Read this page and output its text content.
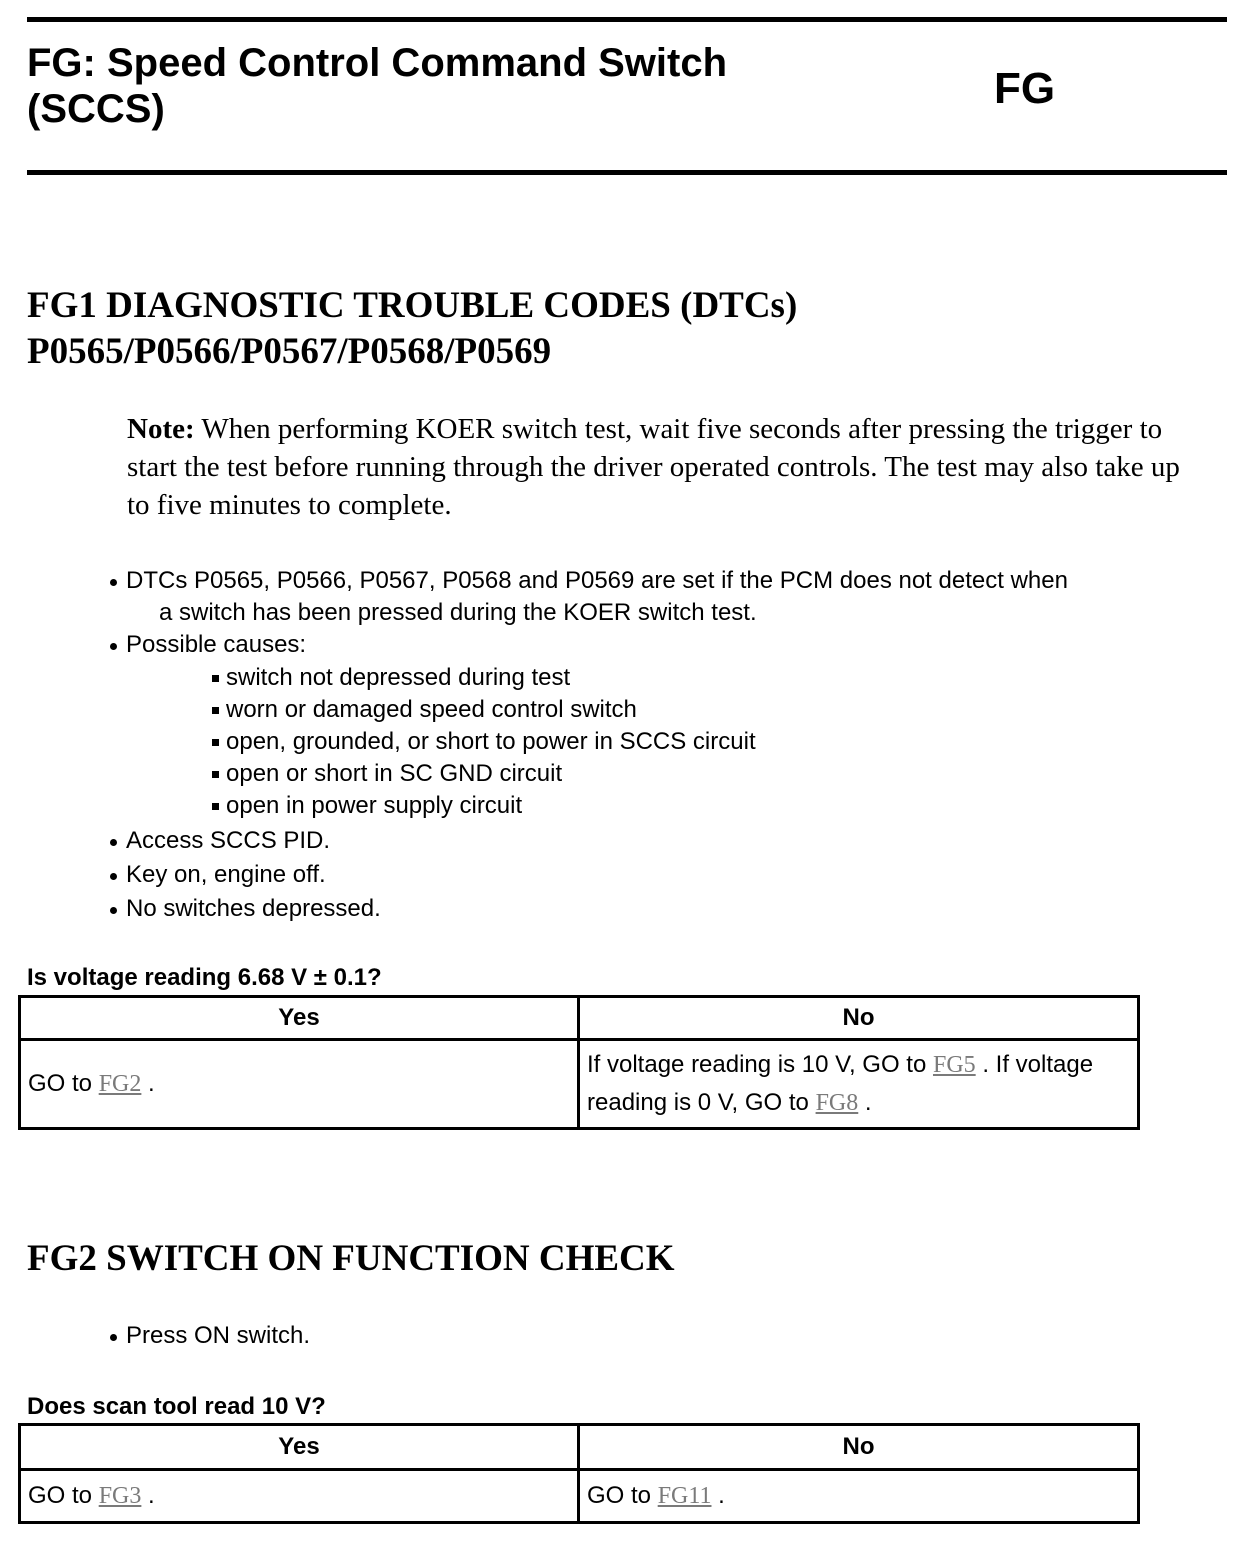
FG: Speed Control Command Switch
(SCCS)	FG
FG1 DIAGNOSTIC TROUBLE CODES (DTCs)
P0565/P0566/P0567/P0568/P0569

Note: When performing KOER switch test, wait five seconds after pressing the trigger to start the test before running through the driver operated controls. The test may also take up to five minutes to complete.

DTCs P0565, P0566, P0567, P0568 and P0569 are set if the PCM does not detect when
a switch has been pressed during the KOER switch test.
Possible causes:
switch not depressed during test
worn or damaged speed control switch
open, grounded, or short to power in SCCS circuit
open or short in SC GND circuit
open in power supply circuit
Access SCCS PID.
Key on, engine off.
No switches depressed.

Is voltage reading 6.68 V ± 0.1?

Yes	No
GO to FG2 .	If voltage reading is 10 V, GO to FG5 . If voltage reading is 0 V, GO to FG8 .
FG2 SWITCH ON FUNCTION CHECK
Press ON switch.

Does scan tool read 10 V?

Yes	No
GO to FG3 .	GO to FG11 .
